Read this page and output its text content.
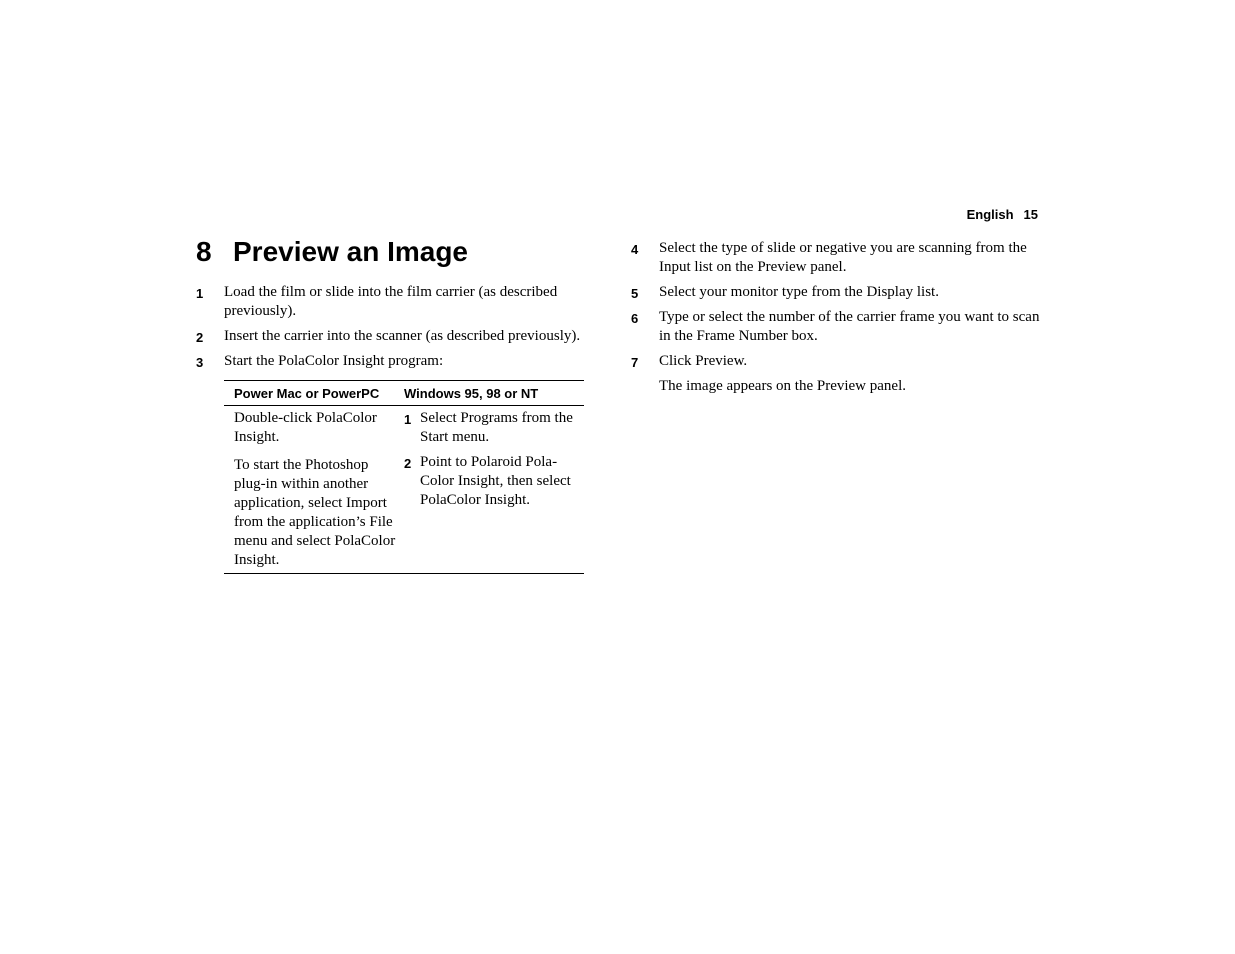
English 15
8 Preview an Image
1 Load the film or slide into the film carrier (as described previously).
2 Insert the carrier into the scanner (as described previously).
3 Start the PolaColor Insight program:
Power Mac or PowerPC	Windows 95, 98 or NT

Double-click PolaColor Insight.

To start the Photoshop plug-in within another application, select Import from the application’s File menu and select PolaColor Insight.

1 Select Programs from the Start menu.
2 Point to Polaroid Pola-Color Insight, then select PolaColor Insight.
4 Select the type of slide or negative you are scanning from the Input list on the Preview panel.
5 Select your monitor type from the Display list.
6 Type or select the number of the carrier frame you want to scan in the Frame Number box.
7 Click Preview.
The image appears on the Preview panel.
